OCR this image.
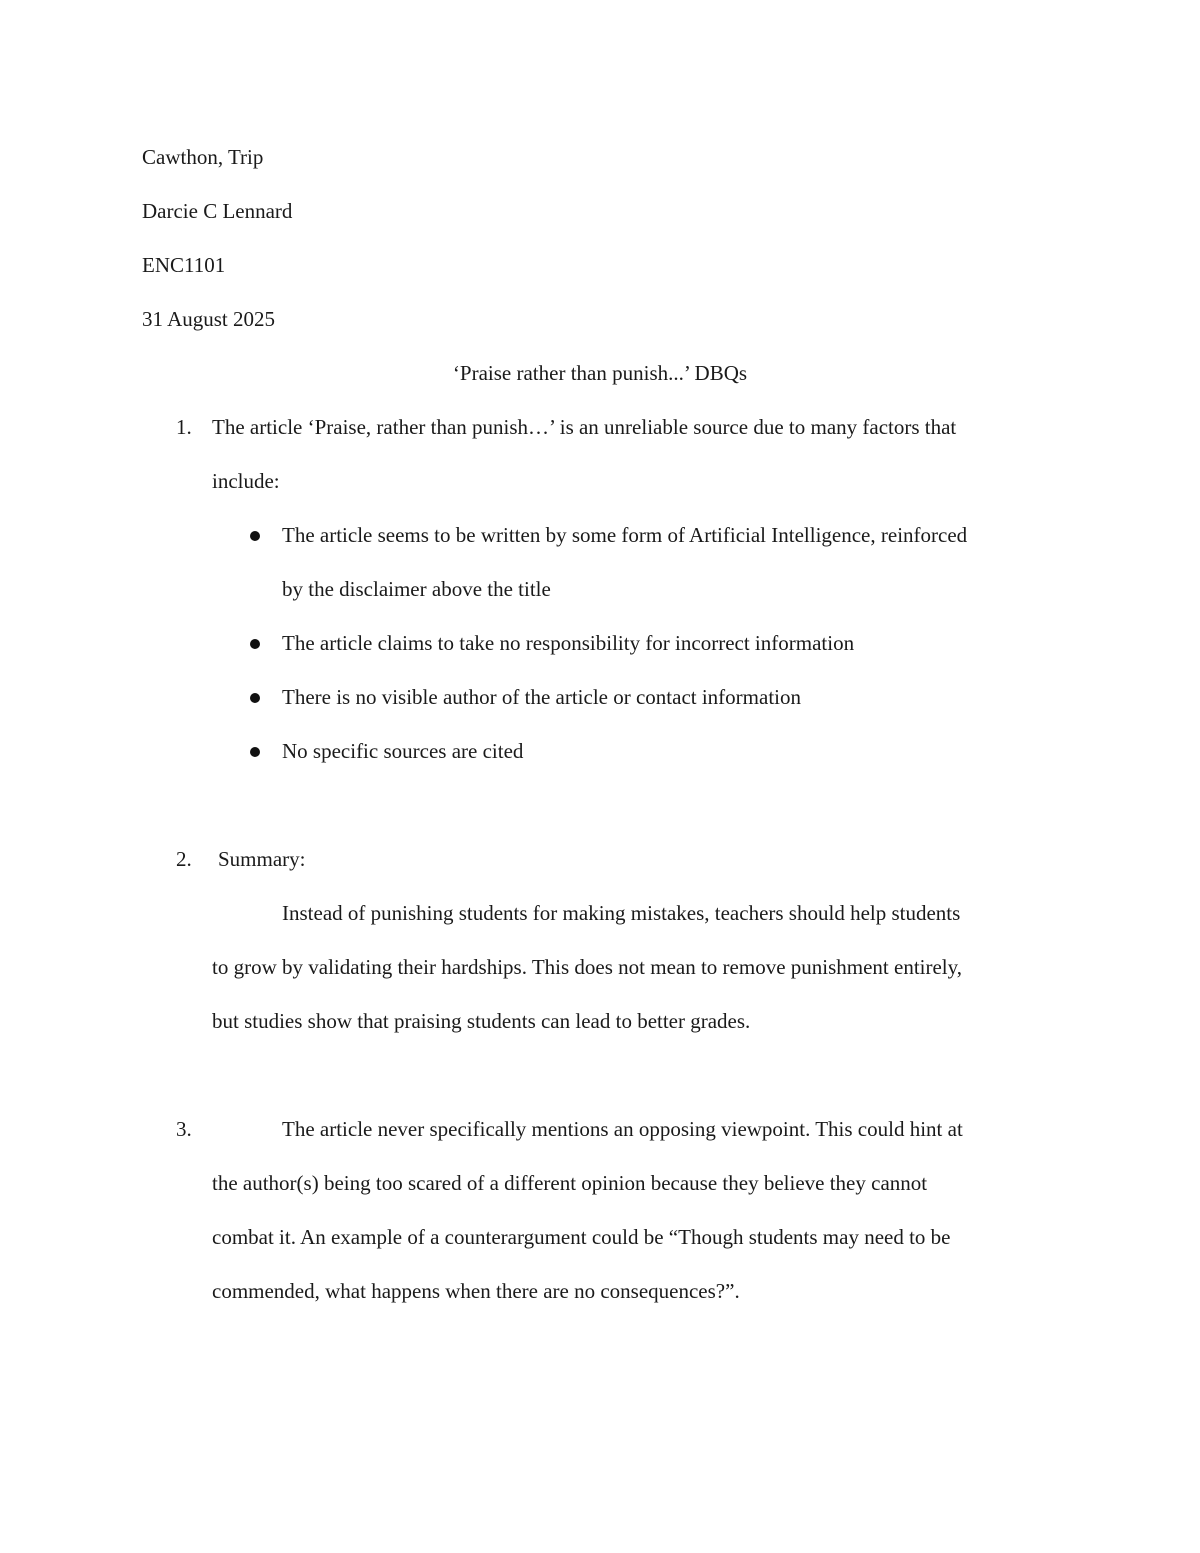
Cawthon, Trip
Darcie C Lennard
ENC1101
31 August 2025
‘Praise rather than punish...’ DBQs
1. The article ‘Praise, rather than punish…’ is an unreliable source due to many factors that
include:
The article seems to be written by some form of Artificial Intelligence, reinforced
by the disclaimer above the title
The article claims to take no responsibility for incorrect information
There is no visible author of the article or contact information
No specific sources are cited
2. Summary:
Instead of punishing students for making mistakes, teachers should help students
to grow by validating their hardships. This does not mean to remove punishment entirely,
but studies show that praising students can lead to better grades.
3.	The article never specifically mentions an opposing viewpoint. This could hint at
the author(s) being too scared of a different opinion because they believe they cannot
combat it. An example of a counterargument could be “Though students may need to be
commended, what happens when there are no consequences?”.
